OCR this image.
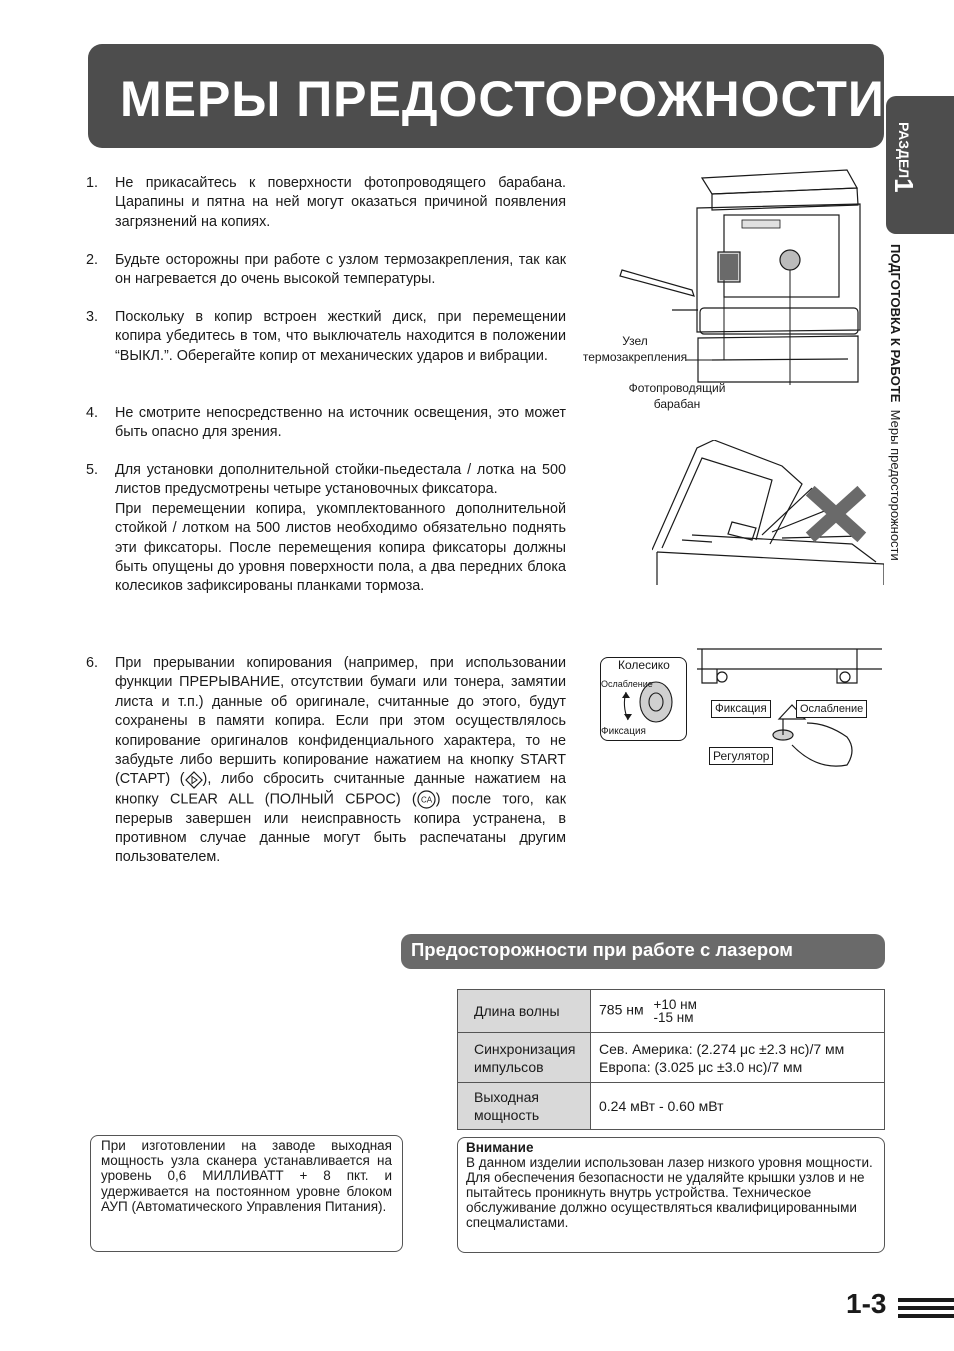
МЕРЫ ПРЕДОСТОРОЖНОСТИ
РАЗДЕЛ1
ПОДГОТОВКА К РАБОТЕ  Меры предосторожности
1.	Не прикасайтесь к поверхности фотопроводящего барабана. Царапины и пятна на ней могут оказаться причиной появления загрязнений на копиях.
2.	Будьте осторожны при работе с узлом термозакрепления, так как он нагревается до очень высокой температуры.
3.	Поскольку в копир встроен жесткий диск, при перемещении копира убедитесь в том, что выключатель находится в положении “ВЫКЛ.”. Оберегайте копир от механических ударов и вибрации.
4.	Не смотрите непосредственно на источник освещения, это может быть опасно для зрения.
5.	Для установки дополнительной стойки-пьедестала / лотка на 500 листов предусмотрены четыре установочных фиксатора.

При перемещении копира, укомплектованного дополнительной стойкой / лотком на 500 листов необходимо обязательно поднять эти фиксаторы. После перемещения копира фиксаторы должны быть опущены до уровня поверхности пола, а два передних блока колесиков зафиксированы планками тормоза.

6.	При прерывании копирования (например, при использовании функции ПРЕРЫВАНИЕ, отсутствии бумаги или тонера, замятии листа и т.п.) данные об оригинале, считанные до этого, будут сохранены в памяти копира. Если при этом осуществлялось копирование оригиналов конфиденциального характера, то не забудьте либо вершить копирование нажатием на кнопку START (СТАРТ) ( ), либо сбросить считанные данные нажатием на кнопку CLEAR ALL (ПОЛНЫЙ СБРОС) ( CA ) после того, как перерыв завершен или неисправность копира устранена, в противном случае данные могут быть распечатаны другим пользователем.
Узел
термозакрепления
Фотопроводящий
барабан
Колесико
Ослабление
Фиксация
Фиксация	Ослабление
Регулятор
Предосторожности при работе с лазером
Длина волны	785 нм +10 нм
-15 нм
Синхронизация импульсов	Сев. Америка: (2.274 μс ±2.3 нс)/7 мм
Европа: (3.025 μс ±3.0 нс)/7 мм

Выходная мощность	0.24 мВт - 0.60 мВт
Внимание
В данном изделии использован лазер низкого уровня мощности. Для обеспечения безопасности не удаляйте крышки узлов и не пытайтесь проникнуть внутрь устройства. Техническое обслуживание должно осуществляться квалифицированными спецмалистами.
При изготовлении на заводе выходная мощность узла сканера устанавливается на уровень 0,6 МИЛЛИВАТТ + 8 пкт. и удерживается на постоянном уровне блоком АУП (Автоматического Управления Питания).
1-3
